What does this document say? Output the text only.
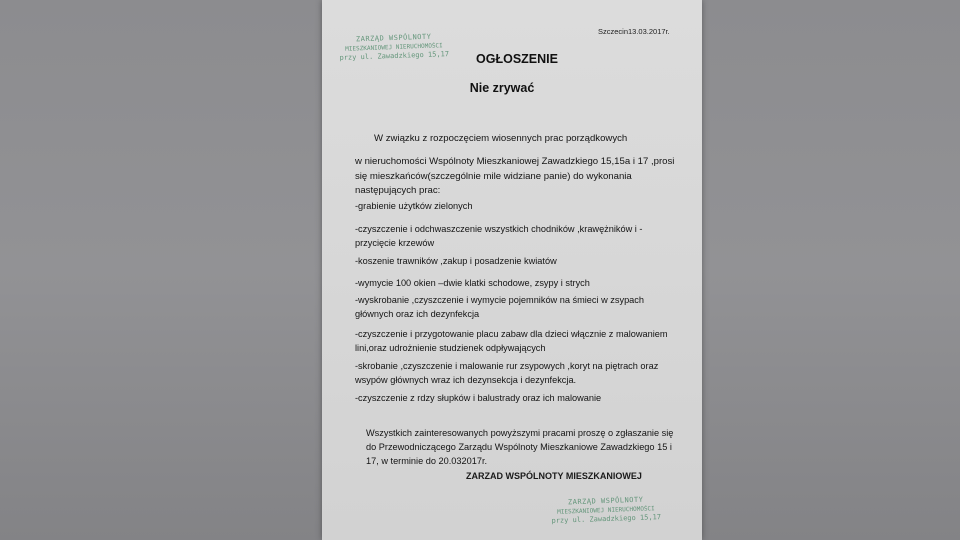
ZARZĄD WSPÓLNOTY
MIESZKANIOWEJ NIERUCHOMOŚCI
przy ul. Zawadzkiego 15,17
Szczecin13.03.2017r.
OGŁOSZENIE
Nie zrywać
W związku z rozpoczęciem wiosennych prac porządkowych
w nieruchomości Wspólnoty Mieszkaniowej Zawadzkiego 15,15a i 17 ,prosi się mieszkańców(szczególnie mile widziane panie) do wykonania następujących prac:
-grabienie użytków zielonych
-czyszczenie i odchwaszczenie wszystkich chodników ,krawężników i -przycięcie krzewów
-koszenie trawników ,zakup i posadzenie kwiatów
-wymycie 100 okien –dwie klatki schodowe, zsypy i strych
-wyskrobanie ,czyszczenie i wymycie pojemników na śmieci w zsypach głównych oraz ich dezynfekcja
-czyszczenie i przygotowanie placu zabaw dla dzieci włącznie z malowaniem lini,oraz udrożnienie studzienek odpływających
-skrobanie ,czyszczenie i malowanie rur zsypowych ,koryt na piętrach oraz wsypów głównych wraz ich dezynsekcja i dezynfekcja.
-czyszczenie z rdzy słupków i balustrady oraz ich malowanie
Wszystkich zainteresowanych powyższymi pracami proszę o zgłaszanie się do Przewodniczącego Zarządu Wspólnoty Mieszkaniowe Zawadzkiego 15 i 17, w terminie do 20.032017r.
ZARZAD WSPÓLNOTY MIESZKANIOWEJ
ZARZĄD WSPÓLNOTY
MIESZKANIOWEJ NIERUCHOMOŚCI
przy ul. Zawadzkiego 15,17
